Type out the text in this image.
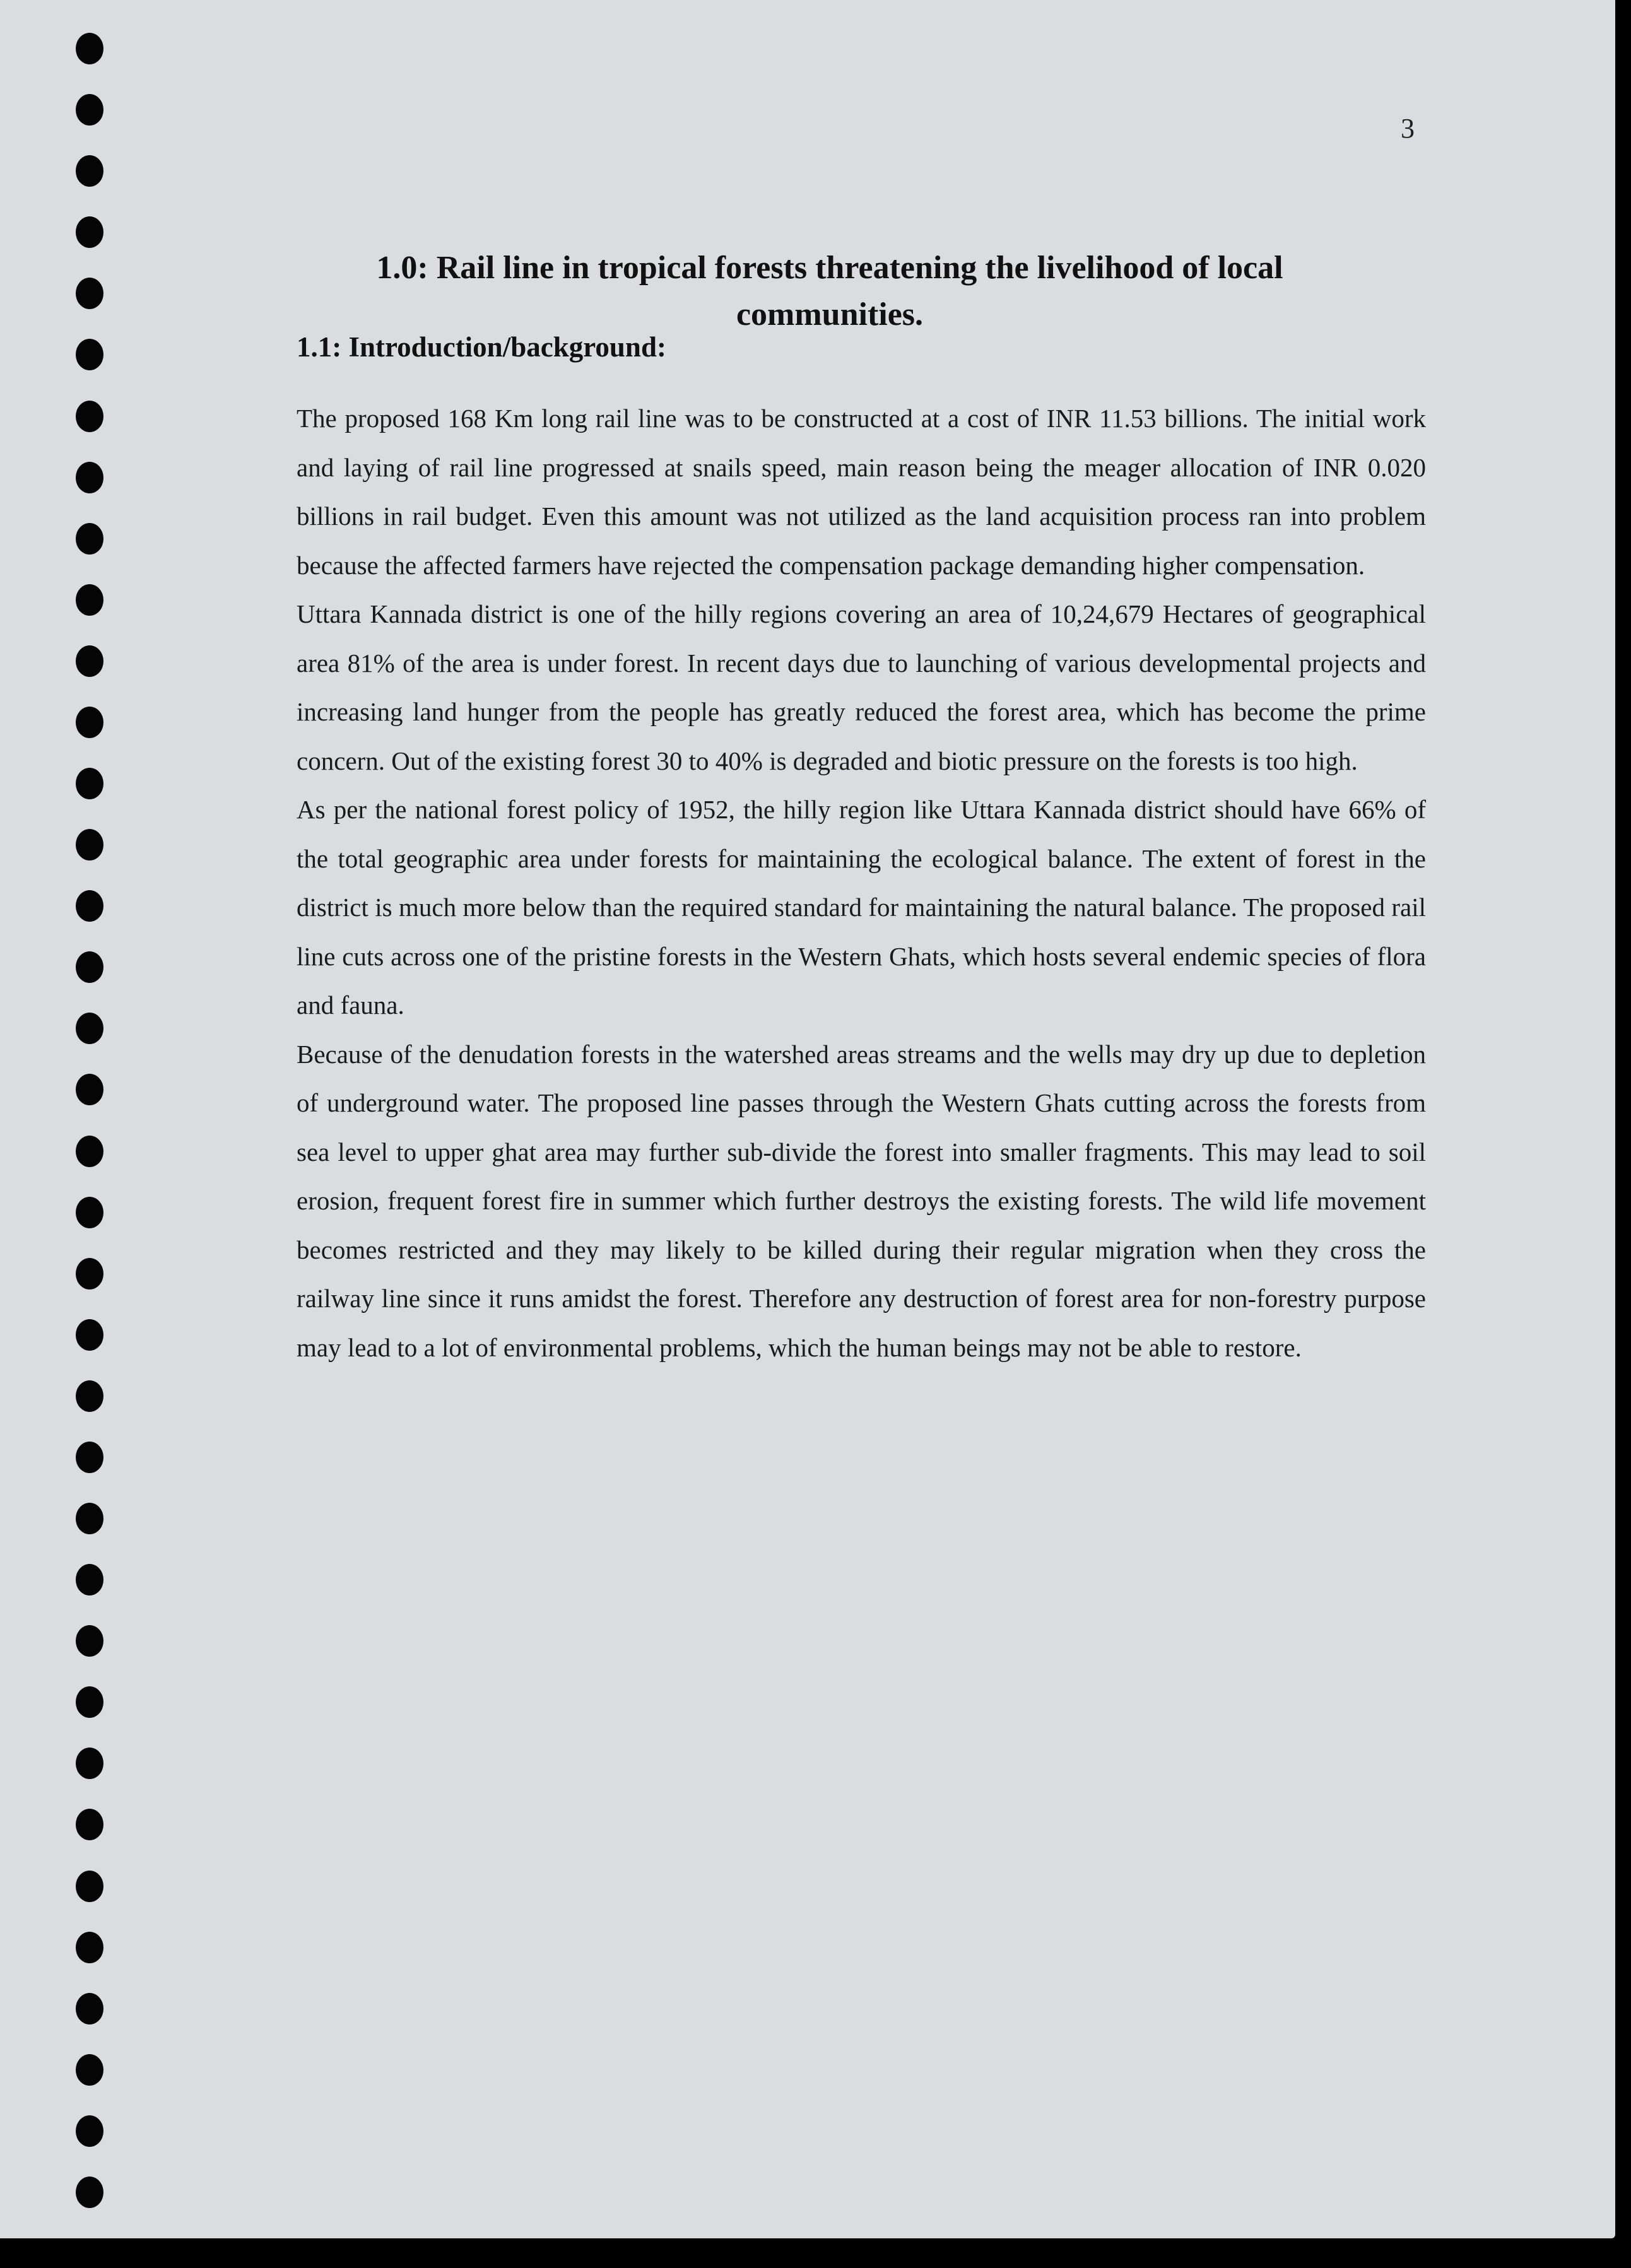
3
1.0: Rail line in tropical forests threatening the livelihood of local communities.
1.1: Introduction/background:

The proposed 168 Km long rail line was to be constructed at a cost of INR 11.53 billions. The initial work and laying of rail line progressed at snails speed, main reason being the meager allocation of INR 0.020 billions in rail budget. Even this amount was not utilized as the land acquisition process ran into problem because the affected farmers have rejected the compensation package demanding higher compensation.

Uttara Kannada district is one of the hilly regions covering an area of 10,24,679 Hectares of geographical area 81% of the area is under forest. In recent days due to launching of various developmental projects and increasing land hunger from the people has greatly reduced the forest area, which has become the prime concern. Out of the existing forest 30 to 40% is degraded and biotic pressure on the forests is too high.

As per the national forest policy of 1952, the hilly region like Uttara Kannada district should have 66% of the total geographic area under forests for maintaining the ecological balance. The extent of forest in the district is much more below than the required standard for maintaining the natural balance. The proposed rail line cuts across one of the pristine forests in the Western Ghats, which hosts several endemic species of flora and fauna.

Because of the denudation forests in the watershed areas streams and the wells may dry up due to depletion of underground water. The proposed line passes through the Western Ghats cutting across the forests from sea level to upper ghat area may further sub-divide the forest into smaller fragments. This may lead to soil erosion, frequent forest fire in summer which further destroys the existing forests. The wild life movement becomes restricted and they may likely to be killed during their regular migration when they cross the railway line since it runs amidst the forest. Therefore any destruction of forest area for non-forestry purpose may lead to a lot of environmental problems, which the human beings may not be able to restore.
